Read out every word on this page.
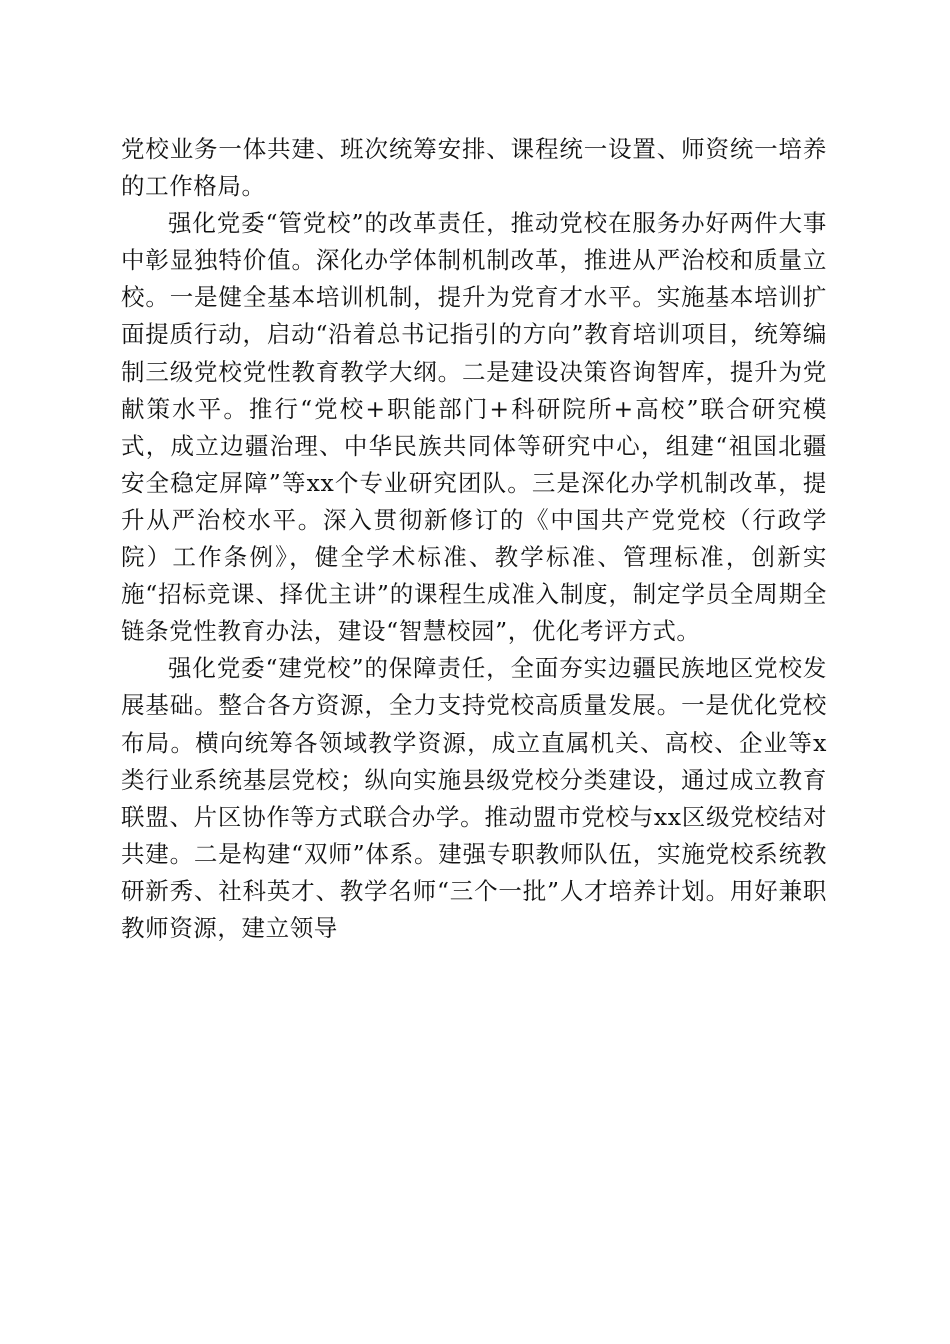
党校业务一体共建、班次统筹安排、课程统一设置、师资统一培养的工作格局。

强化党委“管党校”的改革责任，推动党校在服务办好两件大事中彰显独特价值。深化办学体制机制改革，推进从严治校和质量立校。一是健全基本培训机制，提升为党育才水平。实施基本培训扩面提质行动，启动“沿着总书记指引的方向”教育培训项目，统筹编制三级党校党性教育教学大纲。二是建设决策咨询智库，提升为党献策水平。推行“党校+职能部门+科研院所+高校”联合研究模式，成立边疆治理、中华民族共同体等研究中心，组建“祖国北疆安全稳定屏障”等xx个专业研究团队。三是深化办学机制改革，提升从严治校水平。深入贯彻新修订的《中国共产党党校（行政学院）工作条例》，健全学术标准、教学标准、管理标准，创新实施“招标竞课、择优主讲”的课程生成准入制度，制定学员全周期全链条党性教育办法，建设“智慧校园”，优化考评方式。

强化党委“建党校”的保障责任，全面夯实边疆民族地区党校发展基础。整合各方资源，全力支持党校高质量发展。一是优化党校布局。横向统筹各领域教学资源，成立直属机关、高校、企业等x类行业系统基层党校；纵向实施县级党校分类建设，通过成立教育联盟、片区协作等方式联合办学。推动盟市党校与xx区级党校结对共建。二是构建“双师”体系。建强专职教师队伍，实施党校系统教研新秀、社科英才、教学名师“三个一批”人才培养计划。用好兼职教师资源，建立领导
